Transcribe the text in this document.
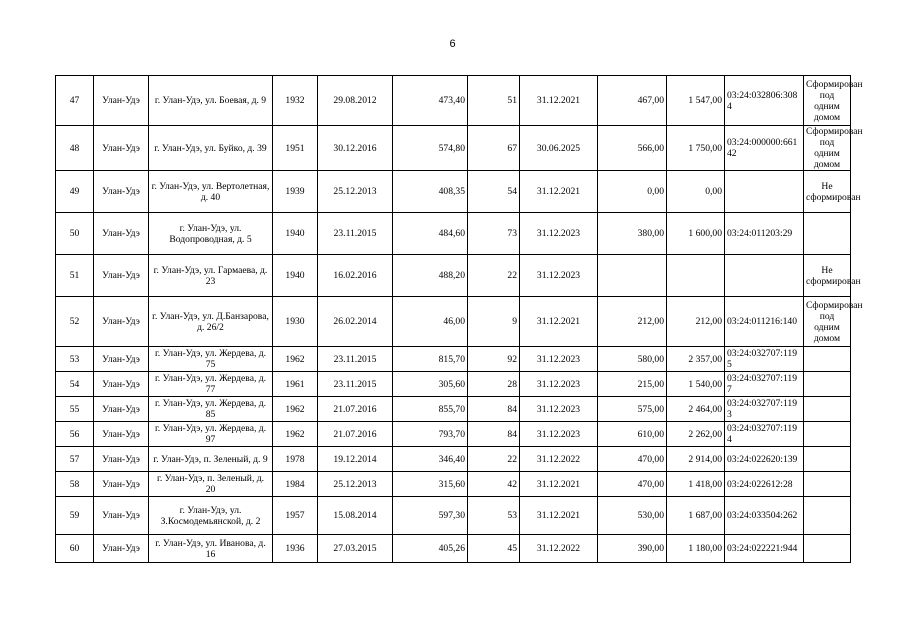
6
47	Улан-Удэ	г. Улан-Удэ, ул. Боевая, д. 9	1932	29.08.2012	473,40	51	31.12.2021	467,00	1 547,00	03:24:032806:3084	Сформирован под одним домом
48	Улан-Удэ	г. Улан-Удэ, ул. Буйко, д. 39	1951	30.12.2016	574,80	67	30.06.2025	566,00	1 750,00	03:24:000000:66142	Сформирован под одним домом
49	Улан-Удэ	г. Улан-Удэ, ул. Вертолетная, д. 40	1939	25.12.2013	408,35	54	31.12.2021	0,00	0,00		Не сформирован
50	Улан-Удэ	г. Улан-Удэ, ул. Водопроводная, д. 5	1940	23.11.2015	484,60	73	31.12.2023	380,00	1 600,00	03:24:011203:29	
51	Улан-Удэ	г. Улан-Удэ, ул. Гармаева, д. 23	1940	16.02.2016	488,20	22	31.12.2023				Не сформирован
52	Улан-Удэ	г. Улан-Удэ, ул. Д.Банзарова, д. 26/2	1930	26.02.2014	46,00	9	31.12.2021	212,00	212,00	03:24:011216:140	Сформирован под одним домом
53	Улан-Удэ	г. Улан-Удэ, ул. Жердева, д. 75	1962	23.11.2015	815,70	92	31.12.2023	580,00	2 357,00	03:24:032707:1195	
54	Улан-Удэ	г. Улан-Удэ, ул. Жердева, д. 77	1961	23.11.2015	305,60	28	31.12.2023	215,00	1 540,00	03:24:032707:1197	
55	Улан-Удэ	г. Улан-Удэ, ул. Жердева, д. 85	1962	21.07.2016	855,70	84	31.12.2023	575,00	2 464,00	03:24:032707:1193	
56	Улан-Удэ	г. Улан-Удэ, ул. Жердева, д. 97	1962	21.07.2016	793,70	84	31.12.2023	610,00	2 262,00	03:24:032707:1194	
57	Улан-Удэ	г. Улан-Удэ, п. Зеленый, д. 9	1978	19.12.2014	346,40	22	31.12.2022	470,00	2 914,00	03:24:022620:139	
58	Улан-Удэ	г. Улан-Удэ, п. Зеленый, д. 20	1984	25.12.2013	315,60	42	31.12.2021	470,00	1 418,00	03:24:022612:28	
59	Улан-Удэ	г. Улан-Удэ, ул. З.Космодемьянской, д. 2	1957	15.08.2014	597,30	53	31.12.2021	530,00	1 687,00	03:24:033504:262	
60	Улан-Удэ	г. Улан-Удэ, ул. Иванова, д. 16	1936	27.03.2015	405,26	45	31.12.2022	390,00	1 180,00	03:24:022221:944	
